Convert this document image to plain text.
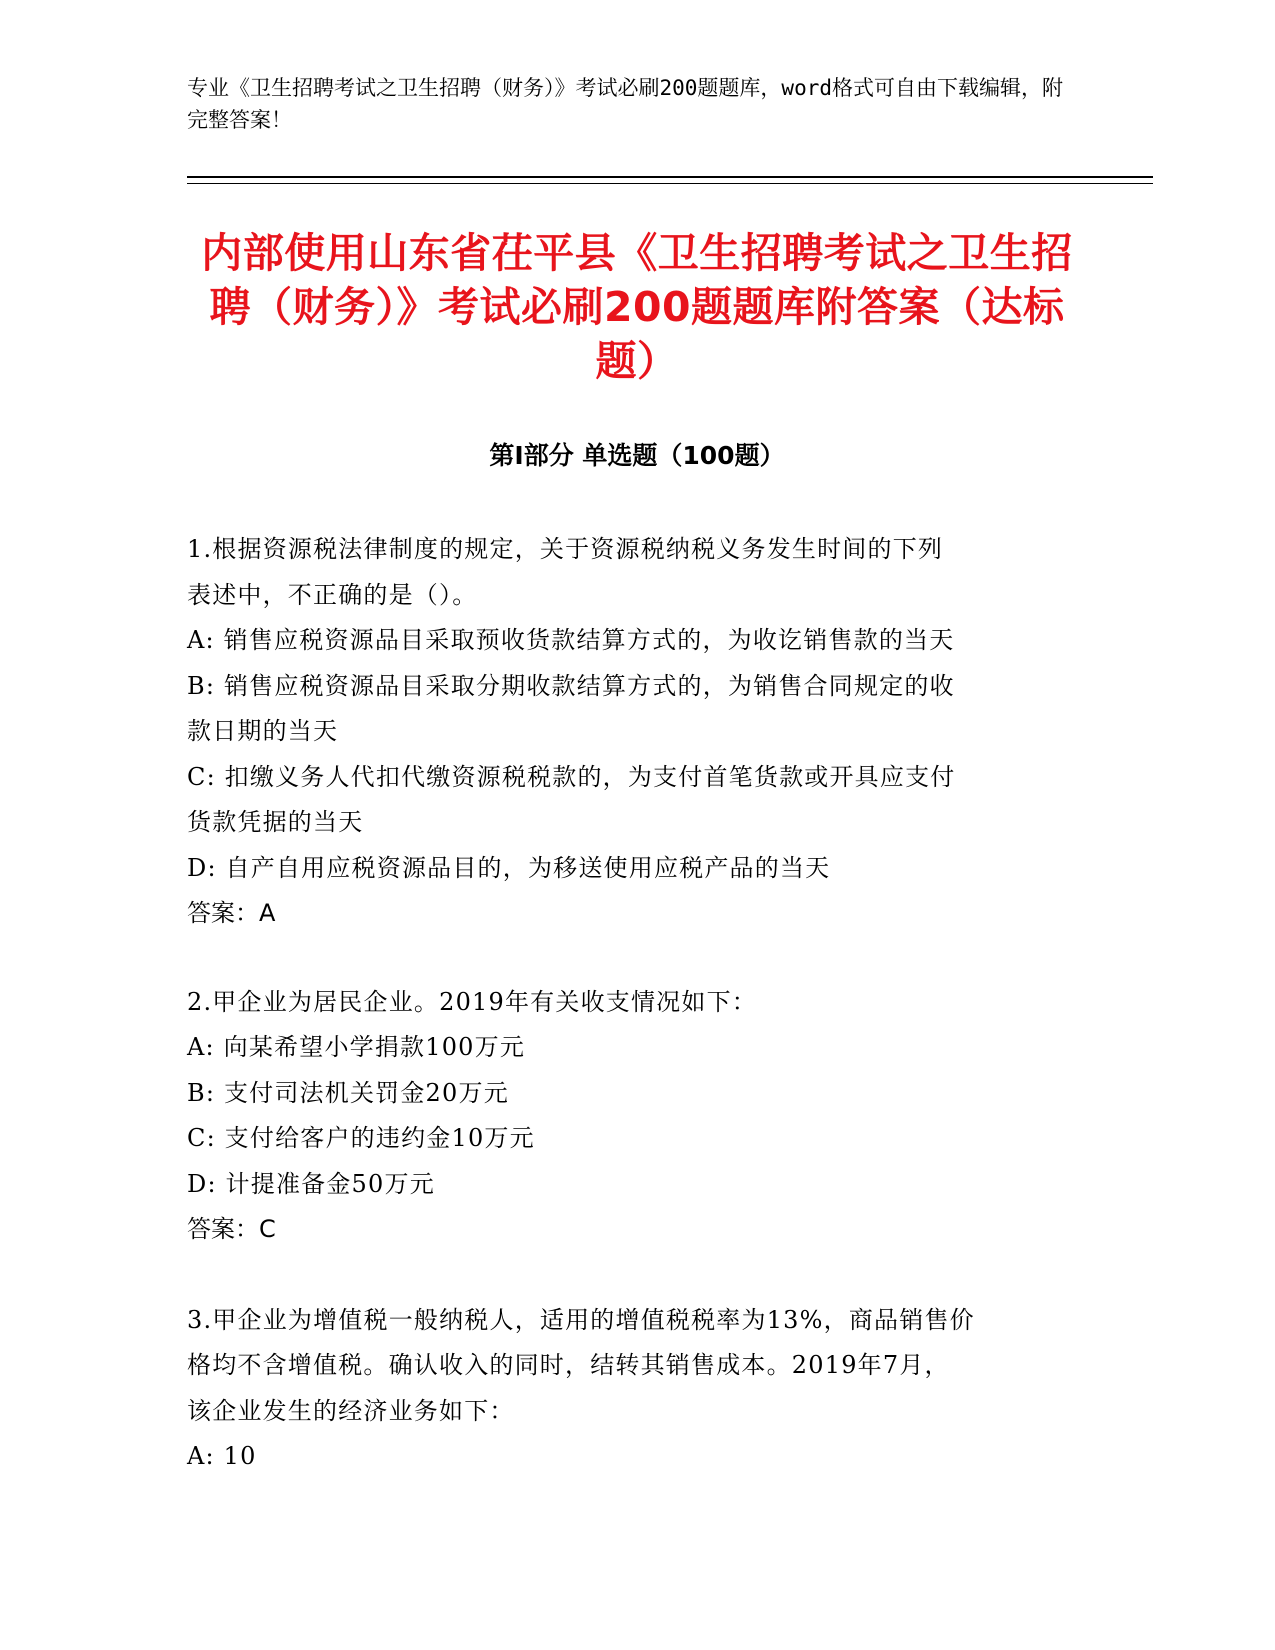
专业《卫生招聘考试之卫生招聘（财务）》考试必刷200题题库，word格式可自由下载编辑，附完整答案！
内部使用山东省茌平县《卫生招聘考试之卫生招聘（财务）》考试必刷200题题库附答案（达标题）
第Ⅰ部分 单选题（100题）
1.根据资源税法律制度的规定，关于资源税纳税义务发生时间的下列
表述中，不正确的是（）。
A: 销售应税资源品目采取预收货款结算方式的，为收讫销售款的当天
B: 销售应税资源品目采取分期收款结算方式的，为销售合同规定的收
款日期的当天
C: 扣缴义务人代扣代缴资源税税款的，为支付首笔货款或开具应支付
货款凭据的当天
D: 自产自用应税资源品目的，为移送使用应税产品的当天
答案：A
2.甲企业为居民企业。2019年有关收支情况如下：
A: 向某希望小学捐款100万元
B: 支付司法机关罚金20万元
C: 支付给客户的违约金10万元
D: 计提准备金50万元
答案：C
3.甲企业为增值税一般纳税人，适用的增值税税率为13%，商品销售价
格均不含增值税。确认收入的同时，结转其销售成本。2019年7月，
该企业发生的经济业务如下：
A: 10
